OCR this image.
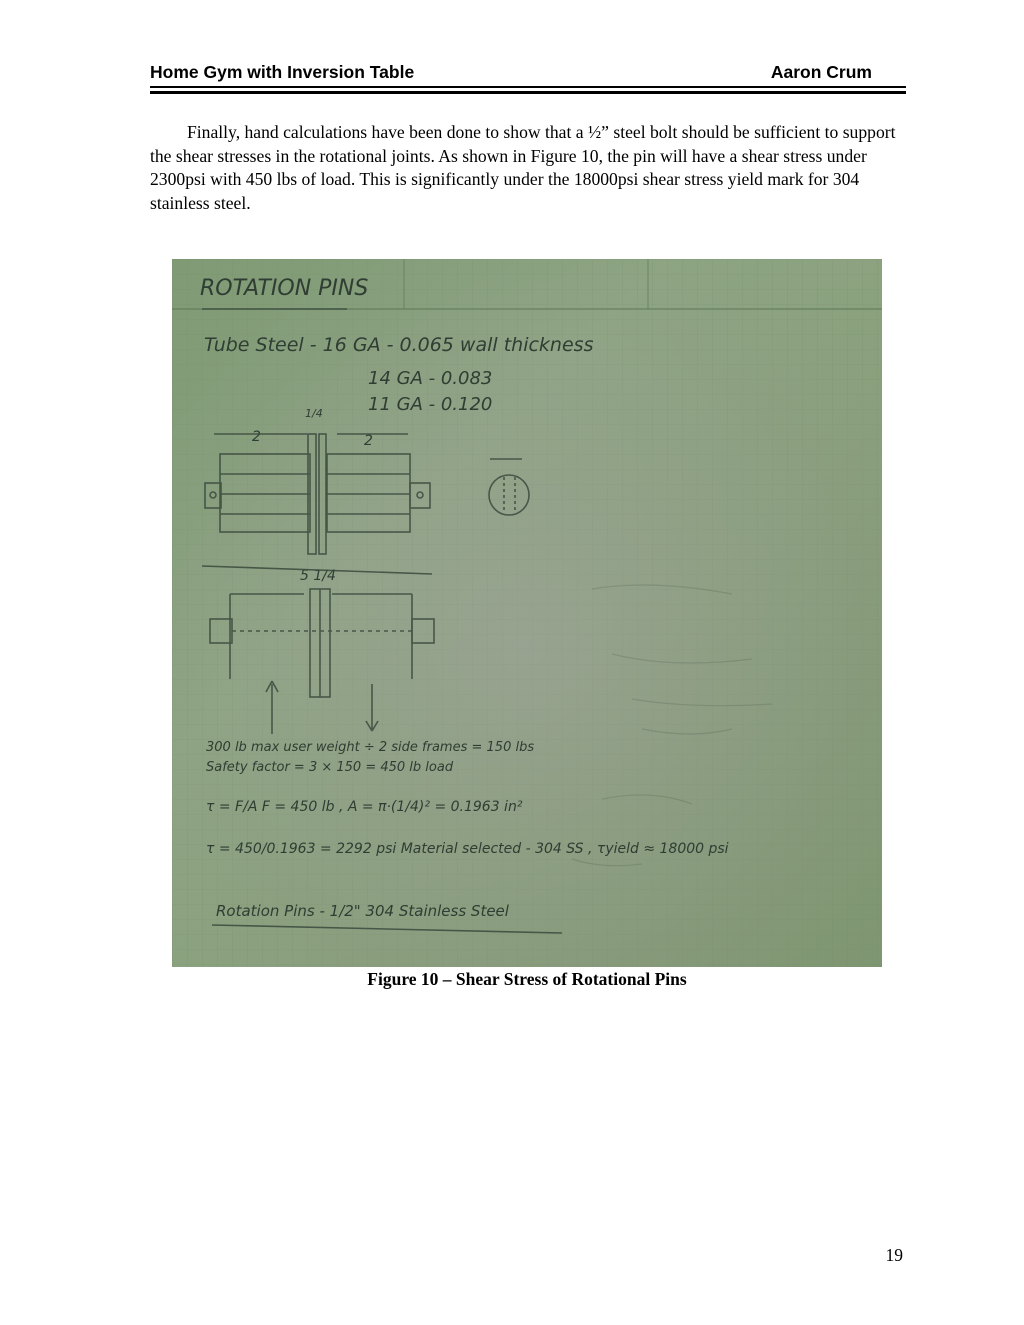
Home Gym with Inversion Table	Aaron Crum
Finally, hand calculations have been done to show that a ½” steel bolt should be sufficient to support the shear stresses in the rotational joints. As shown in Figure 10, the pin will have a shear stress under 2300psi with 450 lbs of load. This is significantly under the 18000psi shear stress yield mark for 304 stainless steel.
ROTATION PINS
Tube Steel - 16 GA - 0.065 wall thickness
14 GA - 0.083
11 GA - 0.120
2	2
1/4
5 1/4
300 lb max user weight ÷ 2 side frames = 150 lbs
Safety factor = 3 × 150 = 450 lb load
τ = F/A F = 450 lb , A = π·(1/4)² = 0.1963 in²
τ = 450/0.1963 = 2292 psi Material selected - 304 SS , τyield ≈ 18000 psi
Rotation Pins - 1/2" 304 Stainless Steel
Figure 10 – Shear Stress of Rotational Pins
19
